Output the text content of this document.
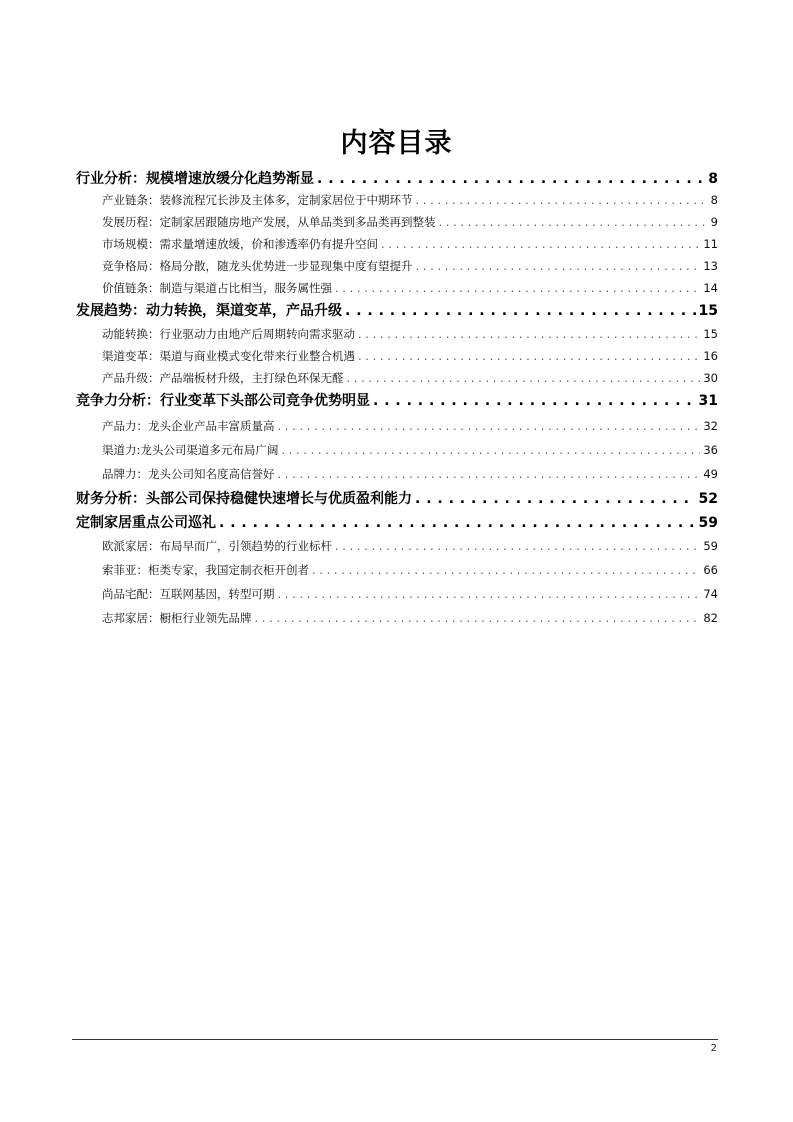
内容目录
行业分析：规模增速放缓分化趋势渐显 . . .	8
产业链条：装修流程冗长涉及主体多，定制家居位于中期环节 . . .	8
发展历程：定制家居跟随房地产发展，从单品类到多品类再到整装 . . .	9
市场规模：需求量增速放缓，价和渗透率仍有提升空间 . . .	11
竞争格局：格局分散，随龙头优势进一步显现集中度有望提升 . . .	13
价值链条：制造与渠道占比相当，服务属性强 . . .	14
发展趋势：动力转换，渠道变革，产品升级 . . .	15
动能转换：行业驱动力由地产后周期转向需求驱动 . . .	15
渠道变革：渠道与商业模式变化带来行业整合机遇 . . .	16
产品升级：产品端板材升级，主打绿色环保无醛 . . .	30
竞争力分析：行业变革下头部公司竞争优势明显 . . .	31
产品力：龙头企业产品丰富质量高 . . .	32
渠道力:龙头公司渠道多元布局广阔 . . .	36
品牌力：龙头公司知名度高信誉好 . . .	49
财务分析：头部公司保持稳健快速增长与优质盈利能力 . . .	52
定制家居重点公司巡礼 . . .	59
欧派家居：布局早而广，引领趋势的行业标杆 . . .	59
索菲亚：柜类专家，我国定制衣柜开创者 . . .	66
尚品宅配：互联网基因，转型可期 . . .	74
志邦家居：橱柜行业领先品牌 . . .	82
2
